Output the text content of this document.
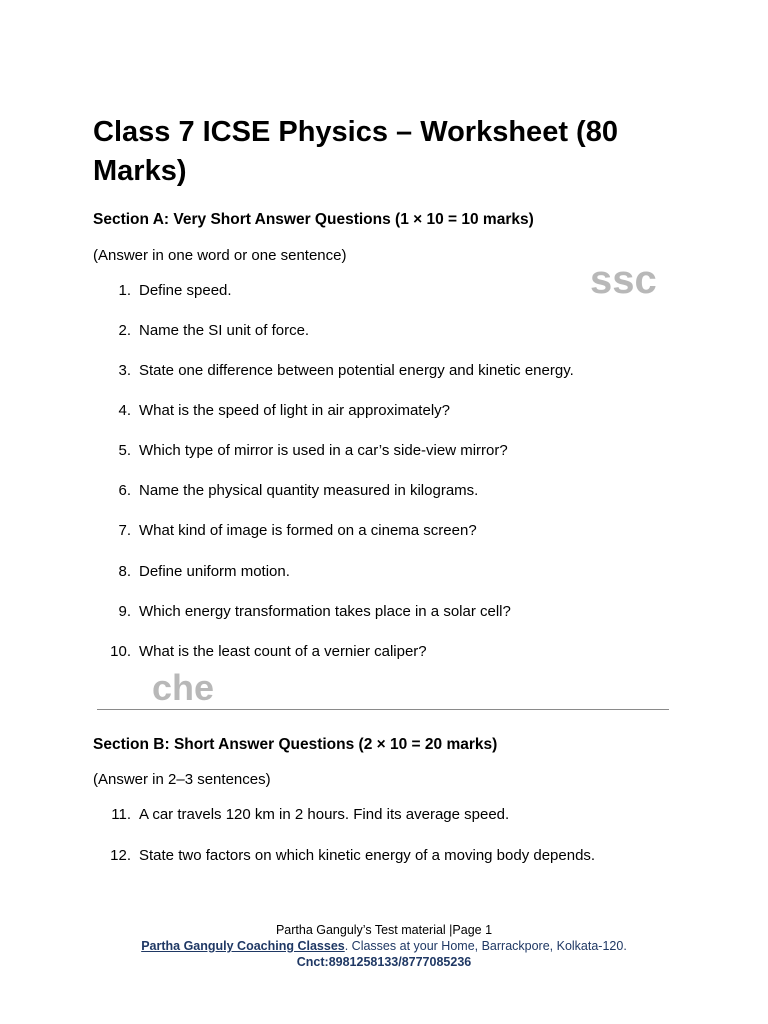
Class 7 ICSE Physics – Worksheet (80 Marks)
Section A: Very Short Answer Questions (1 × 10 = 10 marks)

(Answer in one word or one sentence)

ssc
1. Define speed.
2. Name the SI unit of force.
3. State one difference between potential energy and kinetic energy.
4. What is the speed of light in air approximately?
5. Which type of mirror is used in a car’s side-view mirror?
6. Name the physical quantity measured in kilograms.
7. What kind of image is formed on a cinema screen?
8. Define uniform motion.
9. Which energy transformation takes place in a solar cell?
10. What is the least count of a vernier caliper?
che
Section B: Short Answer Questions (2 × 10 = 20 marks)

(Answer in 2–3 sentences)

11. A car travels 120 km in 2 hours. Find its average speed.
12. State two factors on which kinetic energy of a moving body depends.
Partha Ganguly’s Test material |Page 1
Partha Ganguly Coaching Classes. Classes at your Home, Barrackpore, Kolkata-120.
Cnct:8981258133/8777085236
